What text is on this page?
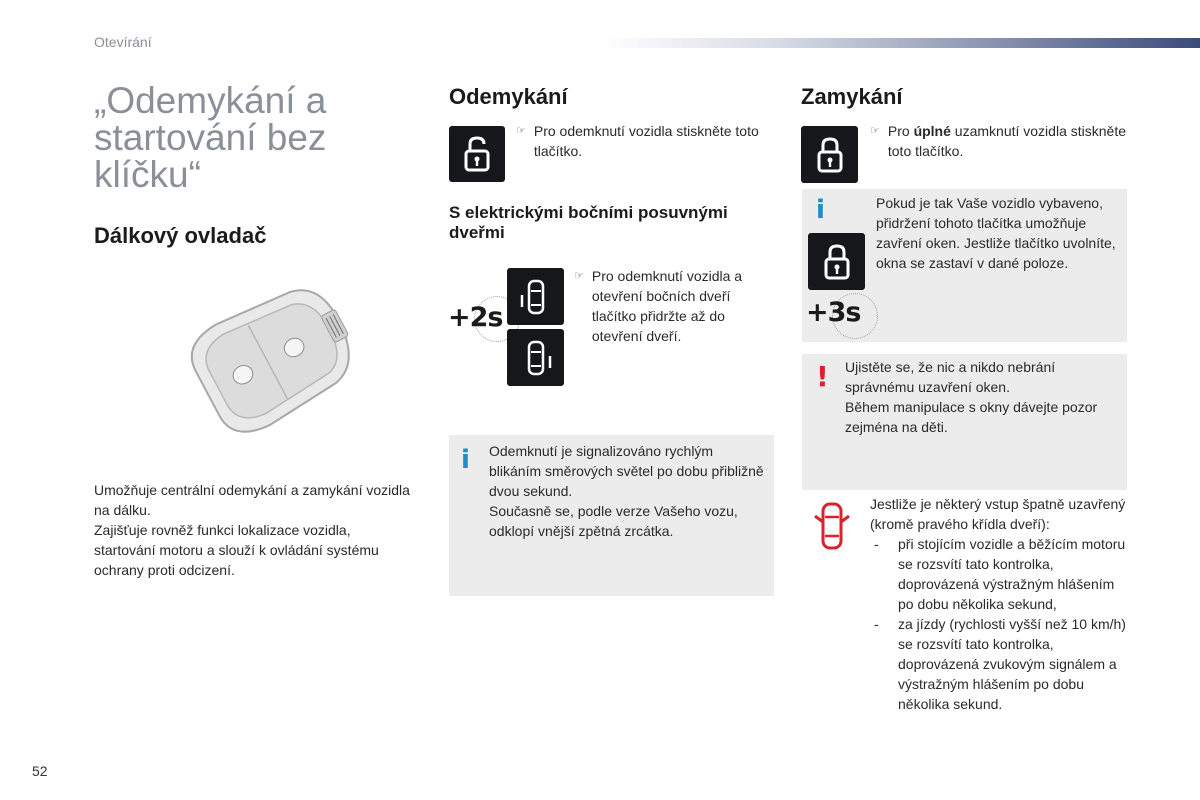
Otevírání
„Odemykání a startování bez klíčku“
Dálkový ovladač
Umožňuje centrální odemykání a zamykání vozidla na dálku.
Zajišťuje rovněž funkci lokalizace vozidla, startování motoru a slouží k ovládání systému ochrany proti odcizení.
Odemykání
☞ Pro odemknutí vozidla stiskněte toto tlačítko.
S elektrickými bočními posuvnými dveřmi
+2s
☞ Pro odemknutí vozidla a otevření bočních dveří tlačítko přidržte až do otevření dveří.
i Odemknutí je signalizováno rychlým blikáním směrových světel po dobu přibližně dvou sekund.
Současně se, podle verze Vašeho vozu, odklopí vnější zpětná zrcátka.
Zamykání
☞ Pro úplné uzamknutí vozidla stiskněte toto tlačítko.
i
+3s
Pokud je tak Vaše vozidlo vybaveno, přidržení tohoto tlačítka umožňuje zavření oken. Jestliže tlačítko uvolníte, okna se zastaví v dané poloze.
! Ujistěte se, že nic a nikdo nebrání správnému uzavření oken.
Během manipulace s okny dávejte pozor zejména na děti.
Jestliže je některý vstup špatně uzavřený (kromě pravého křídla dveří):
- při stojícím vozidle a běžícím motoru se rozsvítí tato kontrolka, doprovázená výstražným hlášením po dobu několika sekund,
- za jízdy (rychlosti vyšší než 10 km/h) se rozsvítí tato kontrolka, doprovázená zvukovým signálem a výstražným hlášením po dobu několika sekund.
52
